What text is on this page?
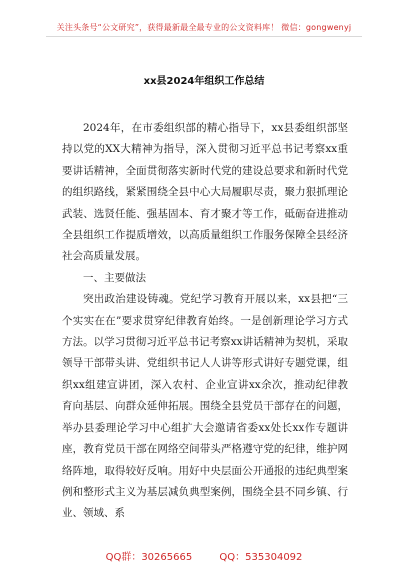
关注头条号“公文研究”，获得最新最全最专业的公文资料库！ 微信：gongwenyj
xx县2024年组织工作总结

2024年，在市委组织部的精心指导下，xx县委组织部坚持以党的XX大精神为指导，深入贯彻习近平总书记考察xx重要讲话精神，全面贯彻落实新时代党的建设总要求和新时代党的组织路线，紧紧围绕全县中心大局履职尽责，聚力狠抓理论武装、选贤任能、强基固本、育才聚才等工作，砥砺奋进推动全县组织工作提质增效，以高质量组织工作服务保障全县经济社会高质量发展。

一、主要做法

突出政治建设铸魂。党纪学习教育开展以来，xx县把“三个实实在在”要求贯穿纪律教育始终。一是创新理论学习方式方法。以学习贯彻习近平总书记考察xx讲话精神为契机，采取领导干部带头讲、党组织书记人人讲等形式讲好专题党课，组织xx组建宣讲团，深入农村、企业宣讲xx余次，推动纪律教育向基层、向群众延伸拓展。围绕全县党员干部存在的问题，举办县委理论学习中心组扩大会邀请省委xx处长xx作专题讲座，教育党员干部在网络空间带头严格遵守党的纪律，维护网络阵地，取得较好反响。用好中央层面公开通报的违纪典型案例和整形式主义为基层减负典型案例，围绕全县不同乡镇、行业、领域、系

QQ群：30265665	QQ：535304092
